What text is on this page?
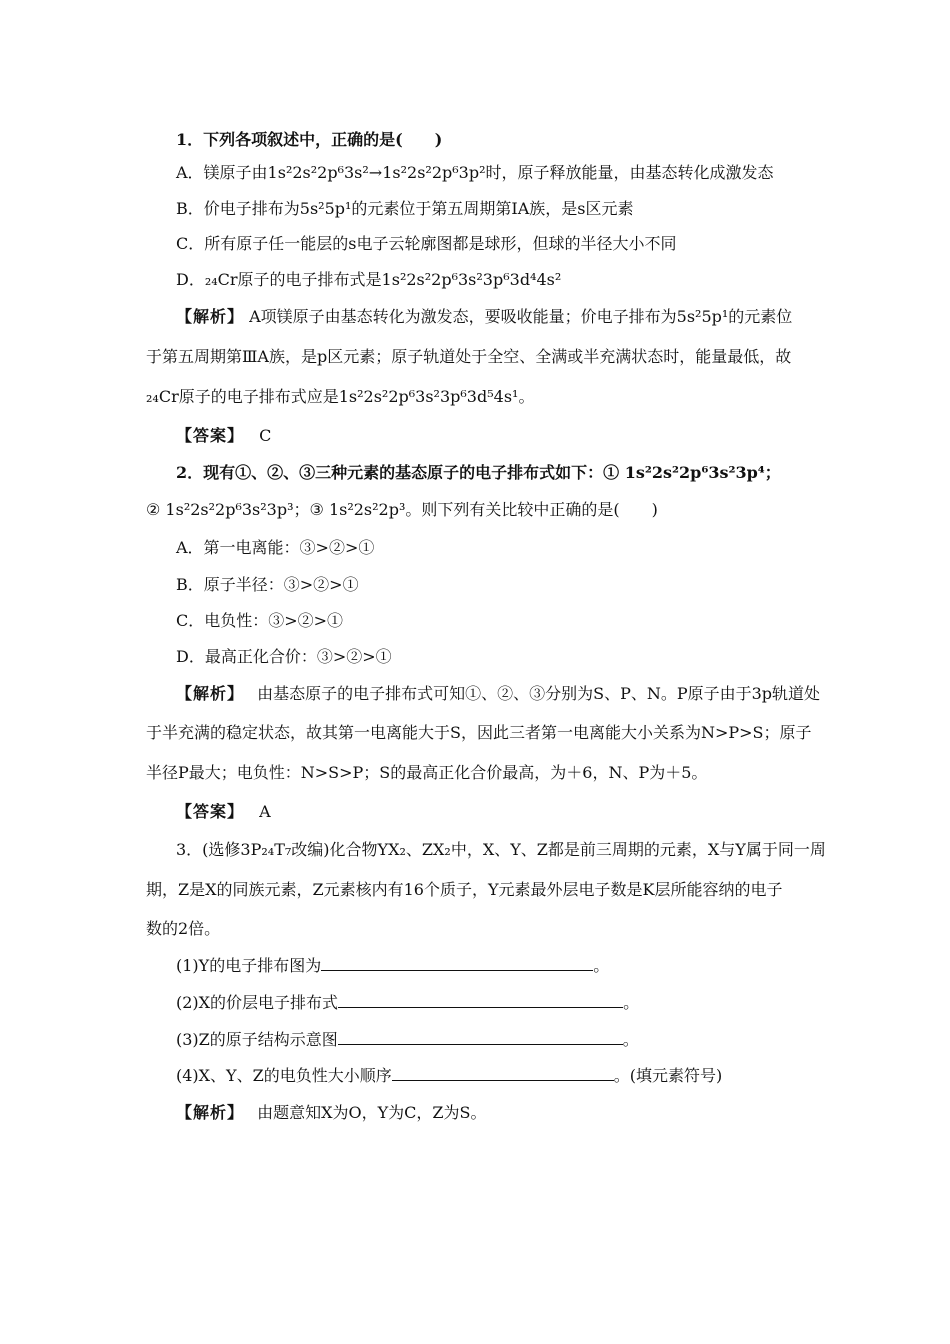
1．下列各项叙述中，正确的是(　　)
A．镁原子由1s²2s²2p⁶3s²→1s²2s²2p⁶3p²时，原子释放能量，由基态转化成激发态
B．价电子排布为5s²5p¹的元素位于第五周期第ⅠA族，是s区元素
C．所有原子任一能层的s电子云轮廓图都是球形，但球的半径大小不同
D．₂₄Cr原子的电子排布式是1s²2s²2p⁶3s²3p⁶3d⁴4s²
【解析】 A项镁原子由基态转化为激发态，要吸收能量；价电子排布为5s²5p¹的元素位
于第五周期第ⅢA族，是p区元素；原子轨道处于全空、全满或半充满状态时，能量最低，故
₂₄Cr原子的电子排布式应是1s²2s²2p⁶3s²3p⁶3d⁵4s¹。
【答案】 C
2．现有①、②、③三种元素的基态原子的电子排布式如下：① 1s²2s²2p⁶3s²3p⁴；
② 1s²2s²2p⁶3s²3p³；③ 1s²2s²2p³。则下列有关比较中正确的是(　　)
A．第一电离能：③>②>①
B．原子半径：③>②>①
C．电负性：③>②>①
D．最高正化合价：③>②>①
【解析】 由基态原子的电子排布式可知①、②、③分别为S、P、N。P原子由于3p轨道处
于半充满的稳定状态，故其第一电离能大于S，因此三者第一电离能大小关系为N>P>S；原子
半径P最大；电负性：N>S>P；S的最高正化合价最高，为＋6，N、P为＋5。
【答案】 A
3．(选修3P₂₄T₇改编)化合物YX₂、ZX₂中，X、Y、Z都是前三周期的元素，X与Y属于同一周
期，Z是X的同族元素，Z元素核内有16个质子，Y元素最外层电子数是K层所能容纳的电子
数的2倍。
(1)Y的电子排布图为	。
(2)X的价层电子排布式	。
(3)Z的原子结构示意图	。
(4)X、Y、Z的电负性大小顺序	。(填元素符号)
【解析】 由题意知X为O，Y为C，Z为S。
